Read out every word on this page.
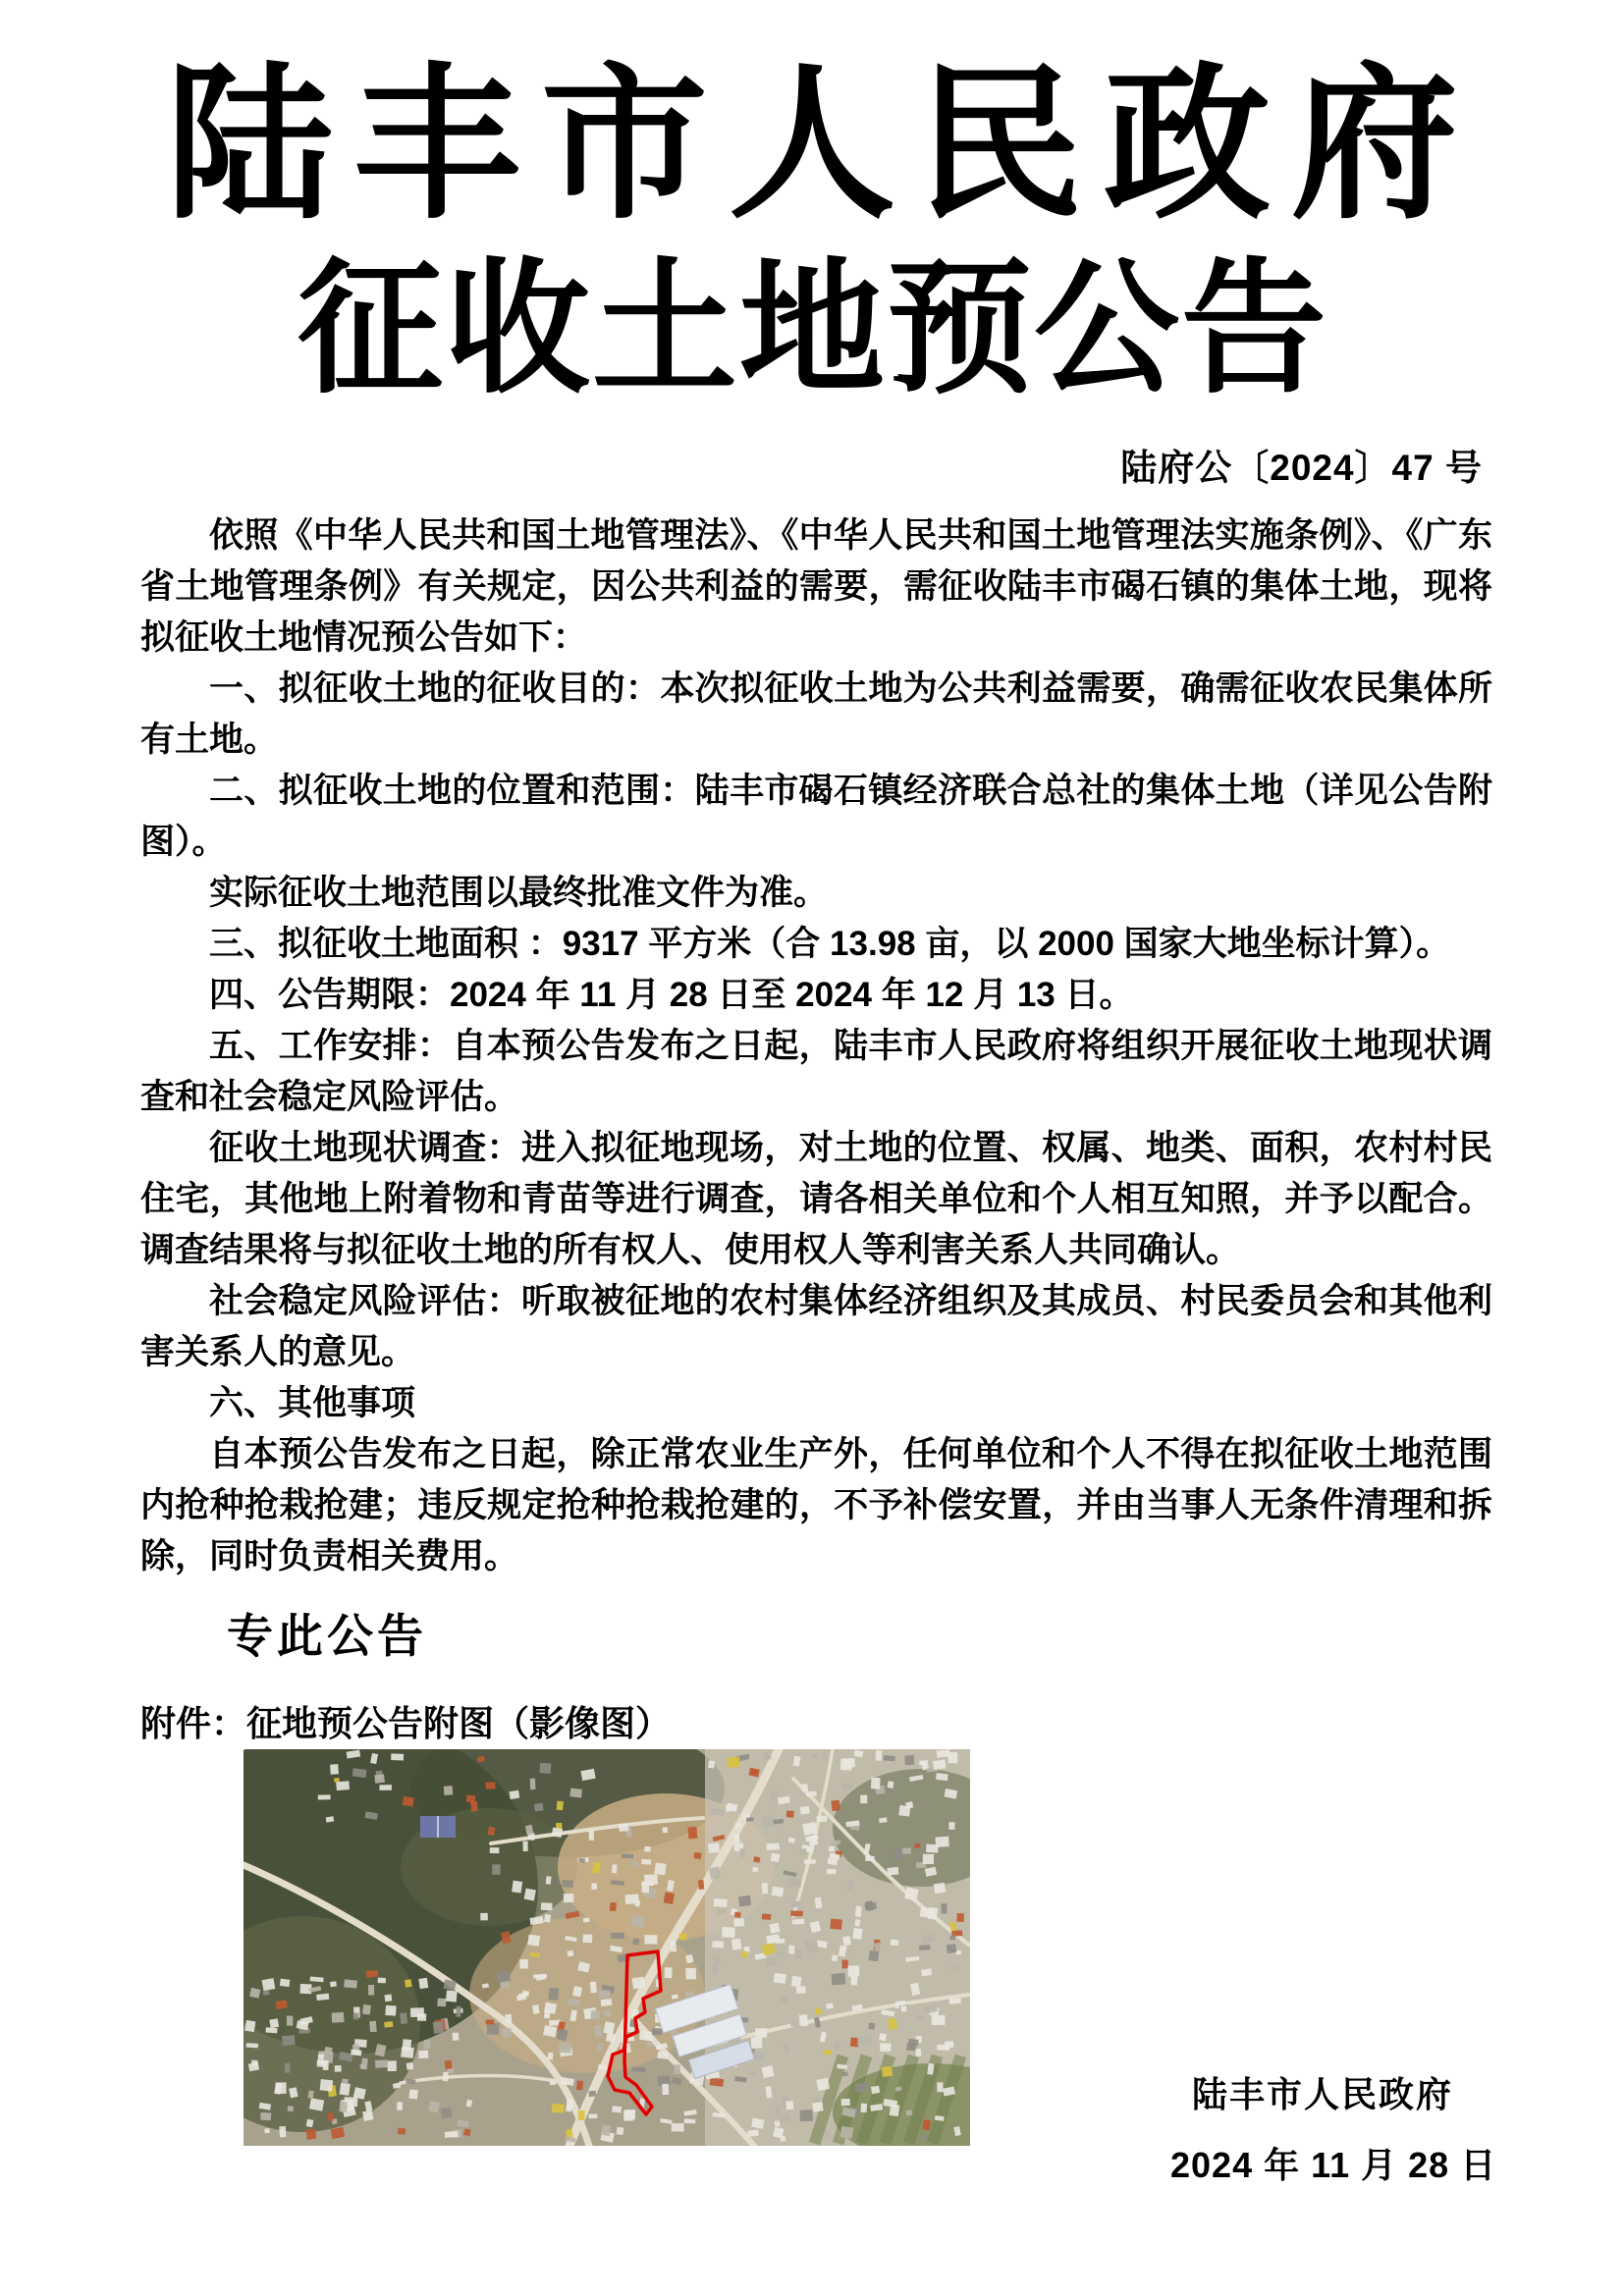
陆丰市人民政府
征收土地预公告
陆府公〔2024〕47 号

依照《中华人民共和国土地管理法》、《中华人民共和国土地管理法实施条例》、《广东省土地管理条例》有关规定，因公共利益的需要，需征收陆丰市碣石镇的集体土地，现将拟征收土地情况预公告如下：

一、拟征收土地的征收目的：本次拟征收土地为公共利益需要，确需征收农民集体所有土地。

二、拟征收土地的位置和范围：陆丰市碣石镇经济联合总社的集体土地（详见公告附图）。

实际征收土地范围以最终批准文件为准。

三、拟征收土地面积 ：9317 平方米（合 13.98 亩，以 2000 国家大地坐标计算）。

四、公告期限：2024 年 11 月 28 日至 2024 年 12 月 13 日。

五、工作安排：自本预公告发布之日起，陆丰市人民政府将组织开展征收土地现状调查和社会稳定风险评估。

征收土地现状调查：进入拟征地现场，对土地的位置、权属、地类、面积，农村村民住宅，其他地上附着物和青苗等进行调查，请各相关单位和个人相互知照，并予以配合。调查结果将与拟征收土地的所有权人、使用权人等利害关系人共同确认。

社会稳定风险评估：听取被征地的农村集体经济组织及其成员、村民委员会和其他利害关系人的意见。

六、其他事项

自本预公告发布之日起，除正常农业生产外，任何单位和个人不得在拟征收土地范围内抢种抢栽抢建；违反规定抢种抢栽抢建的，不予补偿安置，并由当事人无条件清理和拆除，同时负责相关费用。

专此公告
附件：征地预公告附图（影像图）
陆丰市人民政府
2024 年 11 月 28 日
